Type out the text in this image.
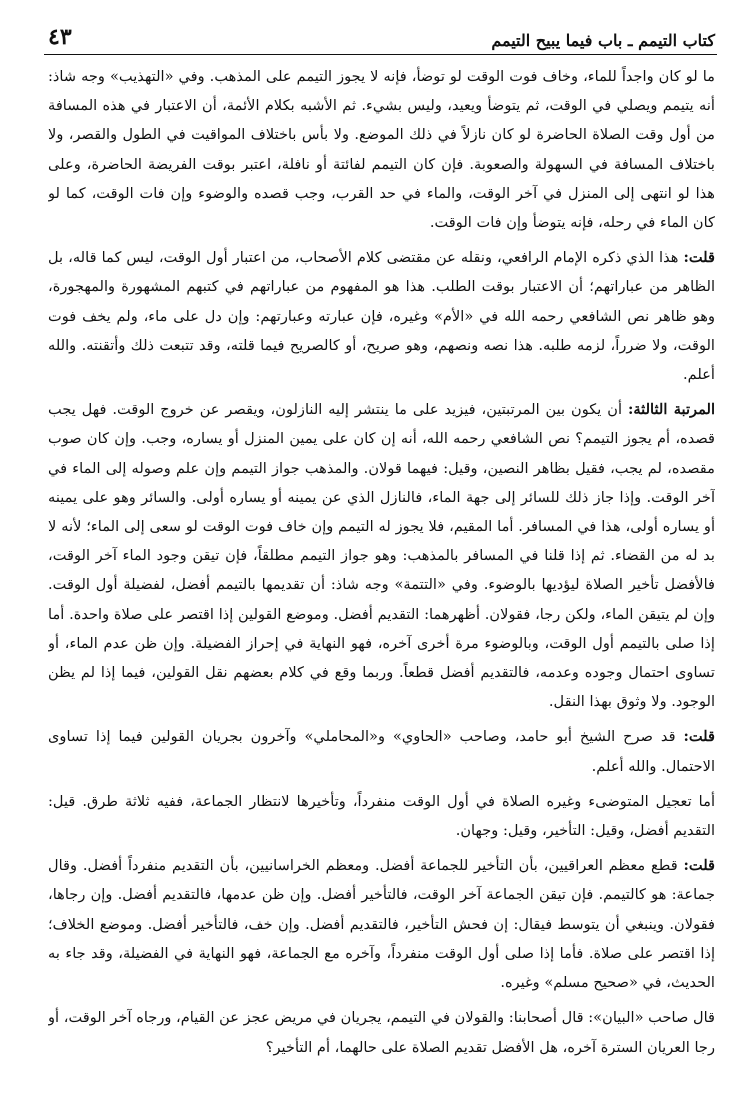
كتاب التيمم ـ باب فيما يبيح التيمم
٤٣

ما لو كان واجداً للماء، وخاف فوت الوقت لو توضأ، فإنه لا يجوز التيمم على المذهب. وفي «التهذيب» وجه شاذ: أنه يتيمم ويصلي في الوقت، ثم يتوضأ ويعيد، وليس بشيء. ثم الأشبه بكلام الأئمة، أن الاعتبار في هذه المسافة من أول وقت الصلاة الحاضرة لو كان نازلاً في ذلك الموضع. ولا بأس باختلاف المواقيت في الطول والقصر، ولا باختلاف المسافة في السهولة والصعوبة. فإن كان التيمم لفائتة أو نافلة، اعتبر بوقت الفريضة الحاضرة، وعلى هذا لو انتهى إلى المنزل في آخر الوقت، والماء في حد القرب، وجب قصده والوضوء وإن فات الوقت، كما لو كان الماء في رحله، فإنه يتوضأ وإن فات الوقت.

قلت: هذا الذي ذكره الإمام الرافعي، ونقله عن مقتضى كلام الأصحاب، من اعتبار أول الوقت، ليس كما قاله، بل الظاهر من عباراتهم؛ أن الاعتبار بوقت الطلب. هذا هو المفهوم من عباراتهم في كتبهم المشهورة والمهجورة، وهو ظاهر نص الشافعي رحمه الله في «الأم» وغيره، فإن عبارته وعبارتهم: وإن دل على ماء، ولم يخف فوت الوقت، ولا ضرراً، لزمه طلبه. هذا نصه ونصهم، وهو صريح، أو كالصريح فيما قلته، وقد تتبعت ذلك وأتقنته. والله أعلم.

المرتبة الثالثة: أن يكون بين المرتبتين، فيزيد على ما ينتشر إليه النازلون، ويقصر عن خروج الوقت. فهل يجب قصده، أم يجوز التيمم؟ نص الشافعي رحمه الله، أنه إن كان على يمين المنزل أو يساره، وجب. وإن كان صوب مقصده، لم يجب، فقيل بظاهر النصين، وقيل: فيهما قولان. والمذهب جواز التيمم وإن علم وصوله إلى الماء في آخر الوقت. وإذا جاز ذلك للسائر إلى جهة الماء، فالنازل الذي عن يمينه أو يساره أولى. والسائر وهو على يمينه أو يساره أولى، هذا في المسافر. أما المقيم، فلا يجوز له التيمم وإن خاف فوت الوقت لو سعى إلى الماء؛ لأنه لا بد له من القضاء. ثم إذا قلنا في المسافر بالمذهب: وهو جواز التيمم مطلقاً، فإن تيقن وجود الماء آخر الوقت، فالأفضل تأخير الصلاة ليؤديها بالوضوء. وفي «التتمة» وجه شاذ: أن تقديمها بالتيمم أفضل، لفضيلة أول الوقت. وإن لم يتيقن الماء، ولكن رجا، فقولان. أظهرهما: التقديم أفضل. وموضع القولين إذا اقتصر على صلاة واحدة. أما إذا صلى بالتيمم أول الوقت، وبالوضوء مرة أخرى آخره، فهو النهاية في إحراز الفضيلة. وإن ظن عدم الماء، أو تساوى احتمال وجوده وعدمه، فالتقديم أفضل قطعاً. وربما وقع في كلام بعضهم نقل القولين، فيما إذا لم يظن الوجود. ولا وثوق بهذا النقل.

قلت: قد صرح الشيخ أبو حامد، وصاحب «الحاوي» و«المحاملي» وآخرون بجريان القولين فيما إذا تساوى الاحتمال. والله أعلم.

أما تعجيل المتوضىء وغيره الصلاة في أول الوقت منفرداً، وتأخيرها لانتظار الجماعة، ففيه ثلاثة طرق. قيل: التقديم أفضل، وقيل: التأخير، وقيل: وجهان.

قلت: قطع معظم العراقيين، بأن التأخير للجماعة أفضل. ومعظم الخراسانيين، بأن التقديم منفرداً أفضل. وقال جماعة: هو كالتيمم. فإن تيقن الجماعة آخر الوقت، فالتأخير أفضل. وإن ظن عدمها، فالتقديم أفضل. وإن رجاها، فقولان. وينبغي أن يتوسط فيقال: إن فحش التأخير، فالتقديم أفضل. وإن خف، فالتأخير أفضل. وموضع الخلاف؛ إذا اقتصر على صلاة. فأما إذا صلى أول الوقت منفرداً، وآخره مع الجماعة، فهو النهاية في الفضيلة، وقد جاء به الحديث، في «صحيح مسلم» وغيره.

قال صاحب «البيان»: قال أصحابنا: والقولان في التيمم، يجريان في مريض عجز عن القيام، ورجاه آخر الوقت، أو رجا العريان السترة آخره، هل الأفضل تقديم الصلاة على حالهما، أم التأخير؟
